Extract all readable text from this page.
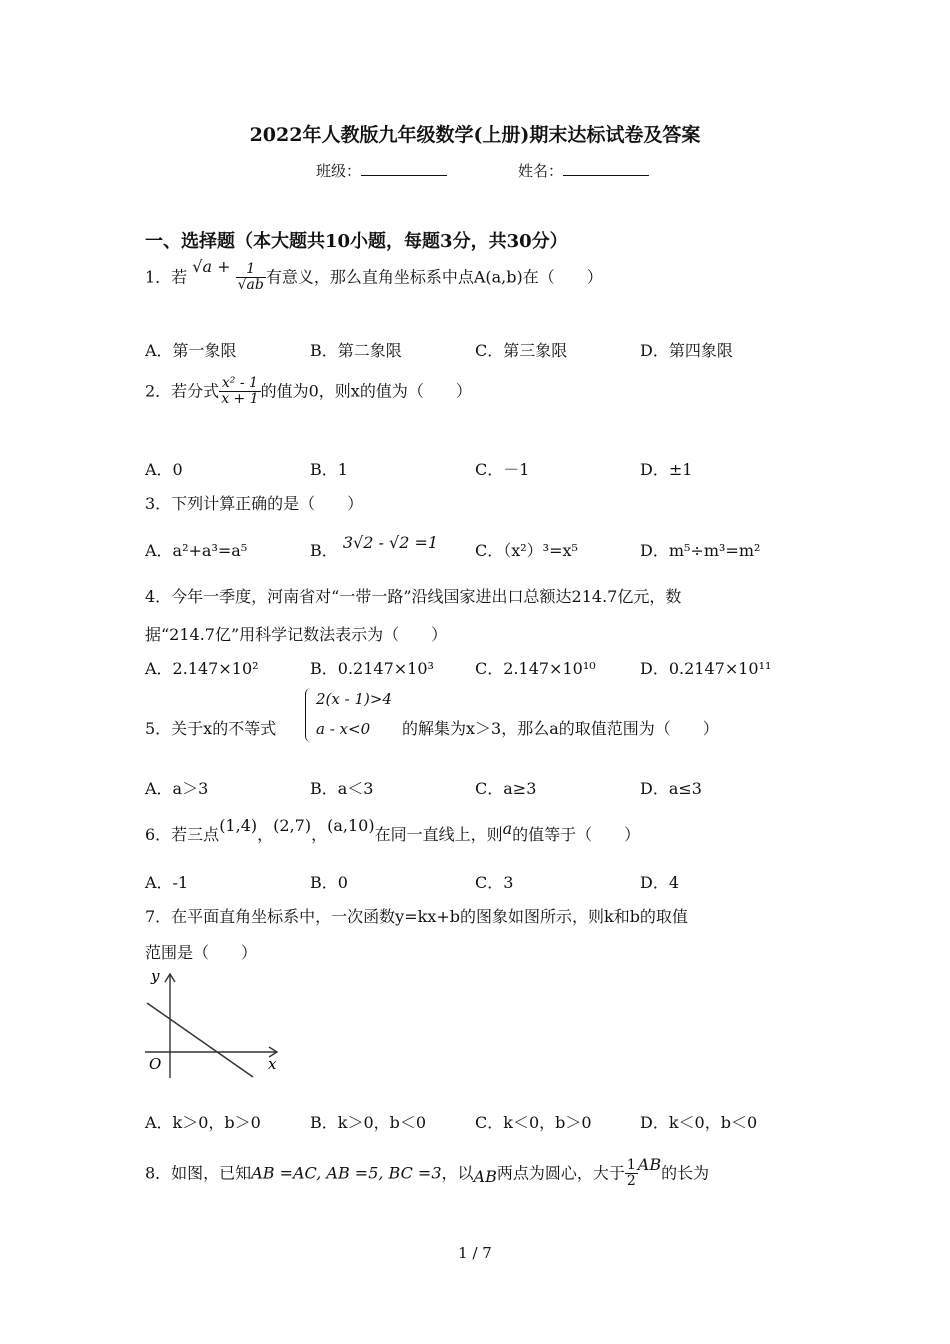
2022年人教版九年级数学(上册)期末达标试卷及答案
班级：	姓名：
一、选择题（本大题共10小题，每题3分，共30分）
1．若 $√a + \frac{1}{√ab}$ 有意义，那么直角坐标系中点A(a,b)在（　　）
A．第一象限	B．第二象限	C．第三象限	D．第四象限
2．若分式 $\frac{\text{x² - 1}}{x + 1}$ 的值为0，则x的值为（　　）
A．0	B．1	C．－1	D．±1
3．下列计算正确的是（　　）
A．a²+a³=a⁵	B． 3√2 - √2 =1 C．（x²）³=x⁵	D．m⁵÷m³=m²
4．今年一季度，河南省对“一带一路”沿线国家进出口总额达214.7亿元，数
据“214.7亿”用科学记数法表示为（　　）
A．2.147×10²	B．0.2147×10³	C．2.147×10¹⁰	D．0.2147×10¹¹
5．关于x的不等式
2(x - 1)>4
a - x<0 的解集为x＞3，那么a的取值范围为（　　）
A．a＞3	B．a＜3	C．a≥3	D．a≤3
6．若三点(1,4)，(2,7)，(a,10)在同一直线上，则a的值等于（　　）
A．-1	B．0	C．3	D．4
7．在平面直角坐标系中，一次函数y=kx+b的图象如图所示，则k和b的取值
范围是（　　）
y
x
O
A．k＞0，b＞0	B．k＞0，b＜0	C．k＜0，b＞0	D．k＜0，b＜0
8．如图，已知AB =AC, AB =5, BC =3，以AB两点为圆心，大于 $\frac{1}{2}$ AB的长为
1 / 7
